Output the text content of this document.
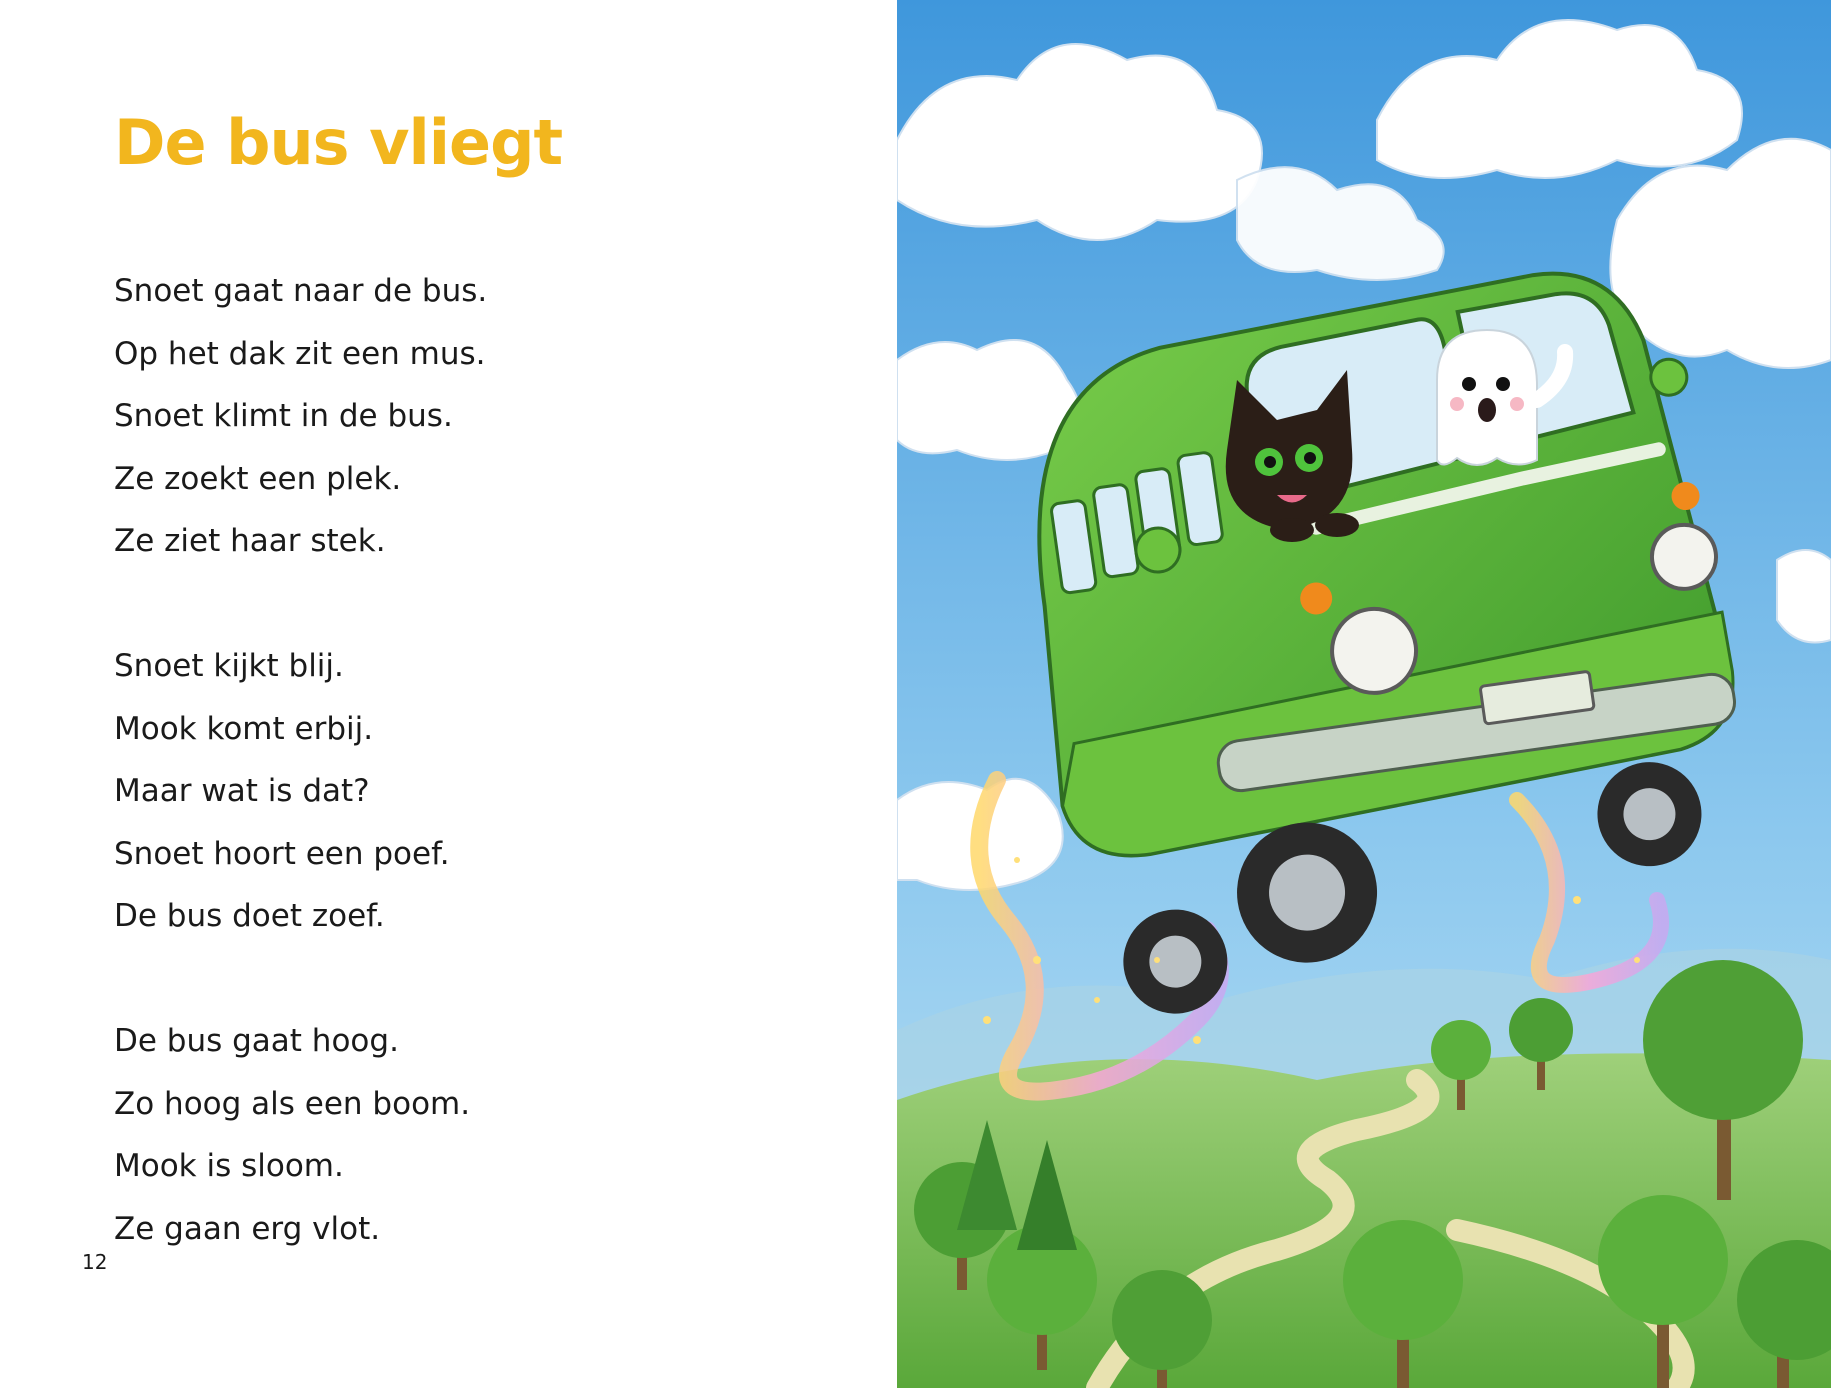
De bus vliegt
Snoet gaat naar de bus.
Op het dak zit een mus.
Snoet klimt in de bus.
Ze zoekt een plek.
Ze ziet haar stek.
Snoet kijkt blij.
Mook komt erbij.
Maar wat is dat?
Snoet hoort een poef.
De bus doet zoef.
De bus gaat hoog.
Zo hoog als een boom.
Mook is sloom.
Ze gaan erg vlot.
12
